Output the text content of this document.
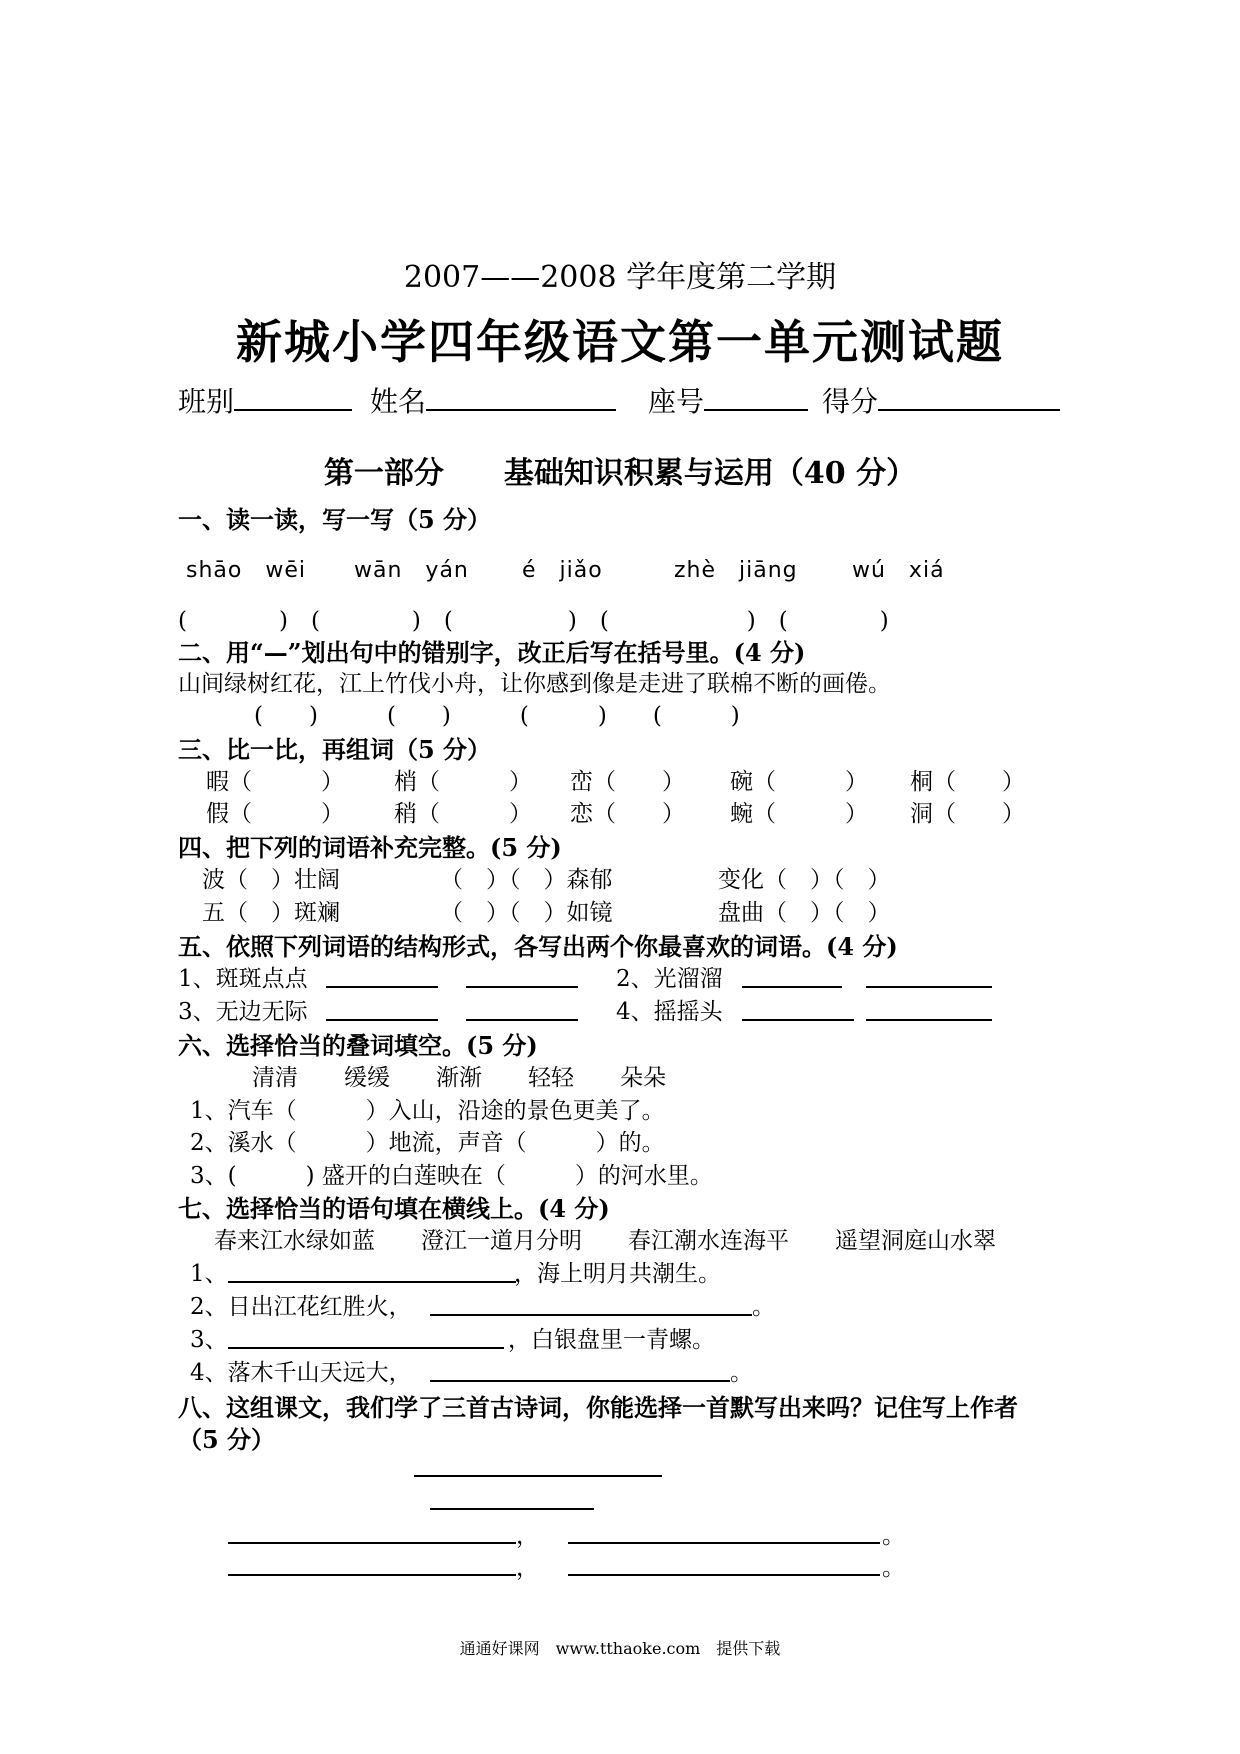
2007——2008 学年度第二学期
新城小学四年级语文第一单元测试题
班别	姓名	座号	得分
第一部分　　基础知识积累与运用（40 分）
一、读一读，写一写（5 分）
shāo　wēi wān　yán é　jiǎo	zhè　jiāng wú　xiá
(　　　　)　(　　　　)　(　　　　　)　(　　　　　　)　(　　　　)
二、用“—”划出句中的错别字，改正后写在括号里。(4 分)
山间绿树红花，江上竹伐小舟，让你感到像是走进了联棉不断的画倦。
(　　)　　　(　　)　　　(　　　)　　(　　　)
三、比一比，再组词（5 分）
暇（　　　） 梢（　　　） 峦（　　） 碗（　　　） 桐（　　）
假（　　　） 稍（　　　） 恋（　　） 蜿（　　　） 洞（　　）
四、把下列的词语补充完整。(5 分)
波（　）壮阔	（　）（　）森郁	变化（　）（　）
五（　）斑斓	（　）（　）如镜	盘曲（　）（　）
五、依照下列词语的结构形式，各写出两个你最喜欢的词语。(4 分)
1、斑斑点点	2、光溜溜
3、无边无际	4、摇摇头
六、选择恰当的叠词填空。(5 分)
清清　　缓缓　　渐渐　　轻轻　　朵朵
1、汽车（　　　）入山，沿途的景色更美了。
2、溪水（　　　）地流，声音（　　　）的。
3、(　　　) 盛开的白莲映在（　　　）的河水里。
七、选择恰当的语句填在横线上。(4 分)
春来江水绿如蓝　　澄江一道月分明　　春江潮水连海平　　遥望洞庭山水翠
1、	，海上明月共潮生。
2、日出江花红胜火，	。
3、	，白银盘里一青螺。
4、落木千山天远大，	。
八、这组课文，我们学了三首古诗词，你能选择一首默写出来吗？记住写上作者
（5 分）
，	。
，	。
通通好课网　www.tthaoke.com　提供下载
